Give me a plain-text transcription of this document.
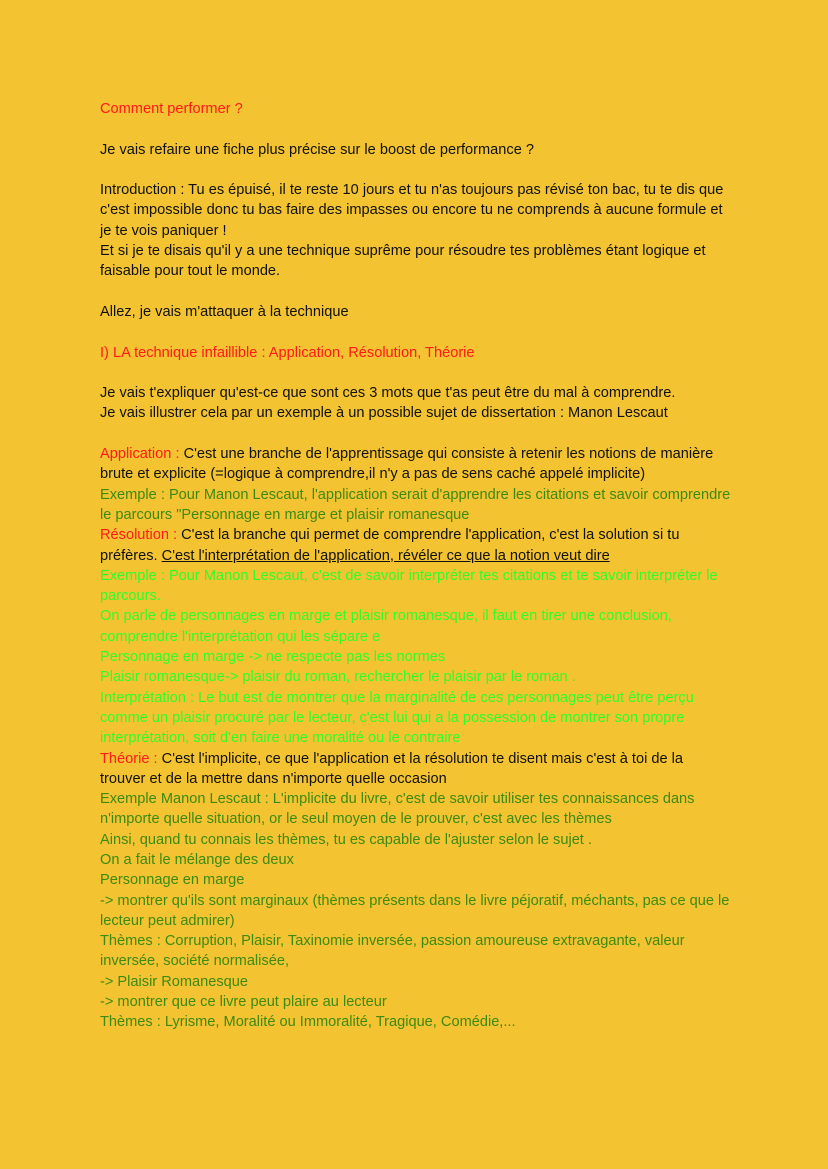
Comment performer ?

Je vais refaire une fiche plus précise sur le boost de performance ?

Introduction : Tu es épuisé, il te reste 10 jours et tu n'as toujours pas révisé ton bac, tu te dis que c'est impossible donc tu bas faire des impasses ou encore tu ne comprends à aucune formule et je te vois paniquer !

Et si je te disais qu'il y a une technique suprême pour résoudre tes problèmes étant logique et faisable pour tout le monde.

Allez, je vais m'attaquer à la technique

I) LA technique infaillible : Application, Résolution, Théorie

Je vais t'expliquer qu'est-ce que sont ces 3 mots que t'as peut être du mal à comprendre.

Je vais illustrer cela par un exemple à un possible sujet de dissertation : Manon Lescaut

Application : C'est une branche de l'apprentissage qui consiste à retenir les notions de manière brute et explicite (=logique à comprendre,il n'y a pas de sens caché appelé implicite)

Exemple : Pour Manon Lescaut, l'application serait d'apprendre les citations et savoir comprendre le parcours "Personnage en marge et plaisir romanesque

Résolution : C'est la branche qui permet de comprendre l'application, c'est la solution si tu préfères. C'est l'interprétation de l'application, révéler ce que la notion veut dire

Exemple : Pour Manon Lescaut, c'est de savoir interpréter tes citations et te savoir interpréter le parcours.

On parle de personnages en marge et plaisir romanesque, il faut en tirer une conclusion, comprendre l'interprétation qui les sépare e

Personnage en marge -> ne respecte pas les normes

Plaisir romanesque-> plaisir du roman, rechercher le plaisir par le roman .

Interprétation : Le but est de montrer que la marginalité de ces personnages peut être perçu comme un plaisir procuré par le lecteur, c'est lui qui a la possession de montrer son propre interprétation, soit d'en faire une moralité ou le contraire

Théorie : C'est l'implicite, ce que l'application et la résolution te disent mais c'est à toi de la trouver et de la mettre dans n'importe quelle occasion

Exemple Manon Lescaut : L'implicite du livre, c'est de savoir utiliser tes connaissances dans n'importe quelle situation, or le seul moyen de le prouver, c'est avec les thèmes

Ainsi, quand tu connais les thèmes, tu es capable de l'ajuster selon le sujet .

On a fait le mélange des deux

Personnage en marge

-> montrer qu'ils sont marginaux (thèmes présents dans le livre péjoratif, méchants, pas ce que le lecteur peut admirer)

Thèmes : Corruption, Plaisir, Taxinomie inversée, passion amoureuse extravagante, valeur inversée, société normalisée,

-> Plaisir Romanesque

-> montrer que ce livre peut plaire au lecteur

Thèmes : Lyrisme, Moralité ou Immoralité, Tragique, Comédie,...
